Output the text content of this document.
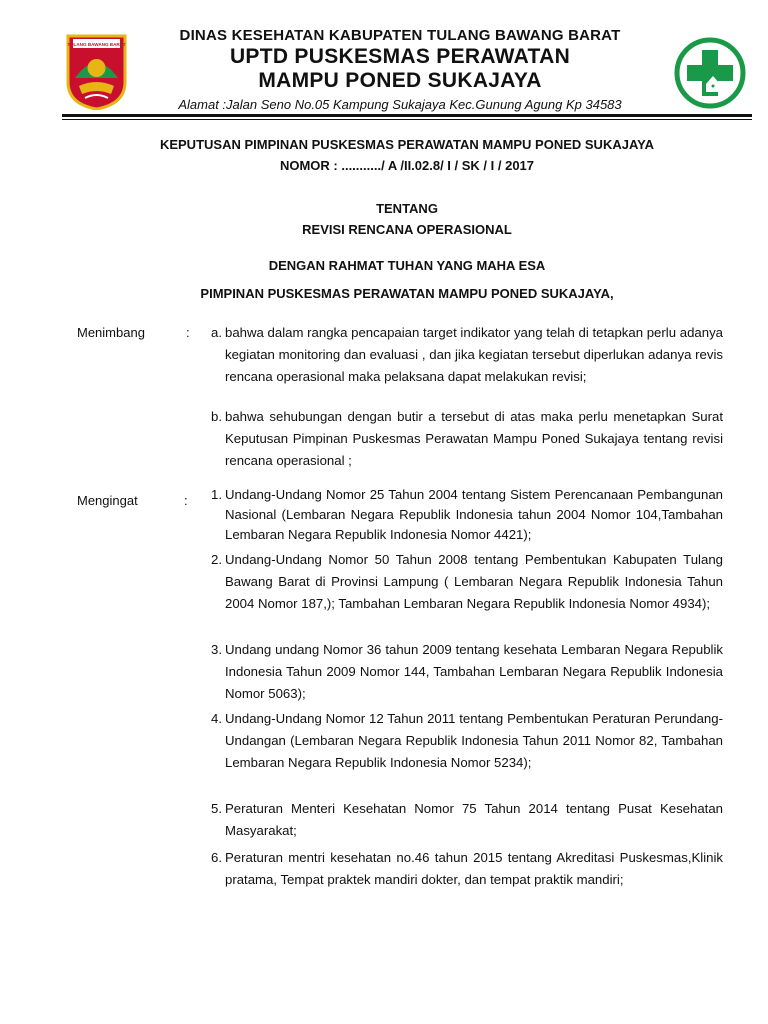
TULANG BAWANG BARAT
DINAS KESEHATAN KABUPATEN TULANG BAWANG BARAT
UPTD PUSKESMAS PERAWATAN
MAMPU PONED SUKAJAYA
Alamat :Jalan Seno No.05 Kampung Sukajaya Kec.Gunung Agung Kp 34583
KEPUTUSAN PIMPINAN PUSKESMAS PERAWATAN MAMPU PONED SUKAJAYA
NOMOR : .........../ A /II.02.8/ I / SK / I / 2017
TENTANG
REVISI RENCANA OPERASIONAL
DENGAN RAHMAT TUHAN YANG MAHA ESA
PIMPINAN PUSKESMAS PERAWATAN MAMPU PONED SUKAJAYA,
Menimbang	:	a. bahwa dalam rangka pencapaian target indikator yang telah di tetapkan perlu adanya kegiatan monitoring dan evaluasi , dan jika kegiatan tersebut diperlukan adanya revis rencana operasional maka pelaksana dapat melakukan revisi;
b. bahwa sehubungan dengan butir a tersebut di atas maka perlu menetapkan Surat Keputusan Pimpinan Puskesmas Perawatan Mampu Poned Sukajaya tentang revisi rencana operasional ;
Mengingat	:	1. Undang-Undang Nomor 25 Tahun 2004 tentang Sistem Perencanaan Pembangunan Nasional (Lembaran Negara Republik Indonesia tahun 2004 Nomor 104,Tambahan Lembaran Negara Republik Indonesia Nomor 4421);
2. Undang-Undang Nomor 50 Tahun 2008 tentang Pembentukan Kabupaten Tulang Bawang Barat di Provinsi Lampung ( Lembaran Negara Republik Indonesia Tahun 2004 Nomor 187,); Tambahan Lembaran Negara Republik Indonesia Nomor 4934);
3. Undang undang Nomor 36 tahun 2009 tentang kesehata Lembaran Negara Republik Indonesia Tahun 2009 Nomor 144, Tambahan Lembaran Negara Republik Indonesia Nomor 5063);
4. Undang-Undang Nomor 12 Tahun 2011 tentang Pembentukan Peraturan Perundang-Undangan (Lembaran Negara Republik Indonesia Tahun 2011 Nomor 82, Tambahan Lembaran Negara Republik Indonesia Nomor 5234);
5. Peraturan Menteri Kesehatan Nomor 75 Tahun 2014 tentang Pusat Kesehatan Masyarakat;
6. Peraturan mentri kesehatan no.46 tahun 2015 tentang Akreditasi Puskesmas,Klinik pratama, Tempat praktek mandiri dokter, dan tempat praktik mandiri;
